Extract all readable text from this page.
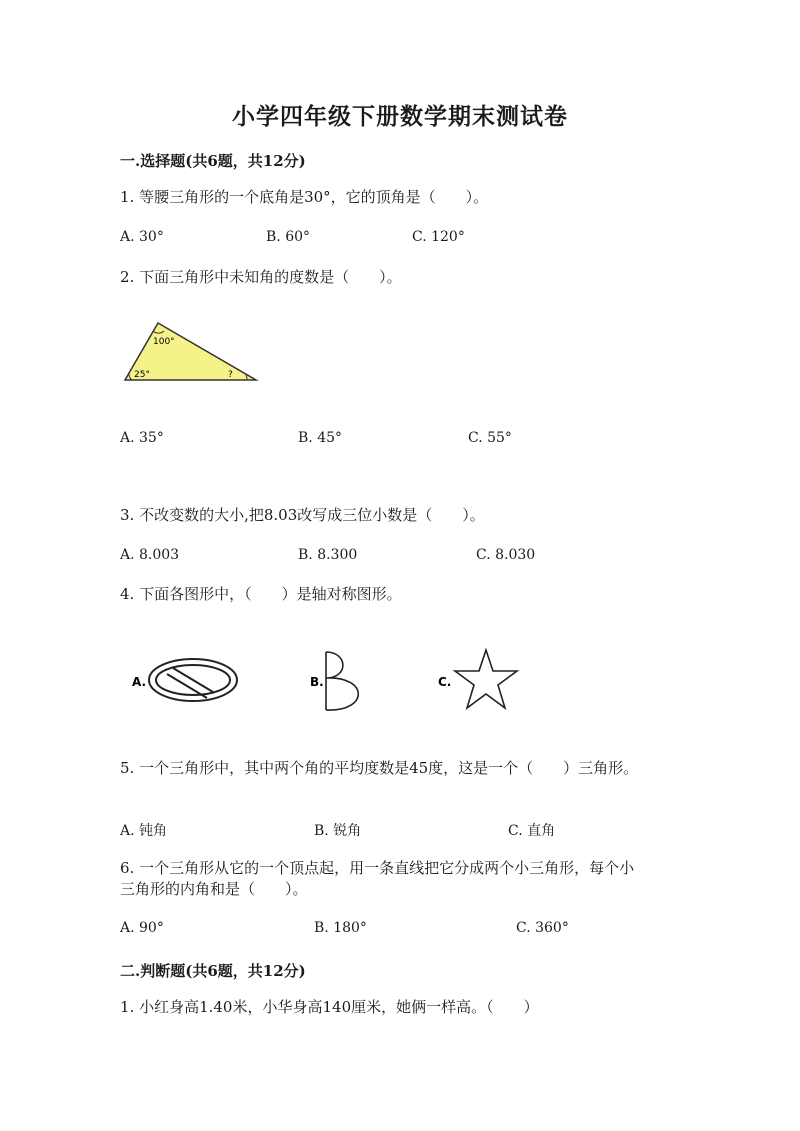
小学四年级下册数学期末测试卷
一.选择题(共6题，共12分)
1. 等腰三角形的一个底角是30°，它的顶角是（　　）。
A. 30°	B. 60°	C. 120°
2. 下面三角形中未知角的度数是（　　）。
100°
25°	?
A. 35°	B. 45°	C. 55°
3. 不改变数的大小,把8.03改写成三位小数是（　　）。
A. 8.003	B. 8.300	C. 8.030
4. 下面各图形中，（　　）是轴对称图形。
A.	B.	C.
5. 一个三角形中，其中两个角的平均度数是45度，这是一个（　　）三角形。
A. 钝角	B. 锐角	C. 直角
6. 一个三角形从它的一个顶点起，用一条直线把它分成两个小三角形，每个小
三角形的内角和是（　　）。
A. 90°	B. 180°	C. 360°
二.判断题(共6题，共12分)
1. 小红身高1.40米，小华身高140厘米，她俩一样高。（　　）
